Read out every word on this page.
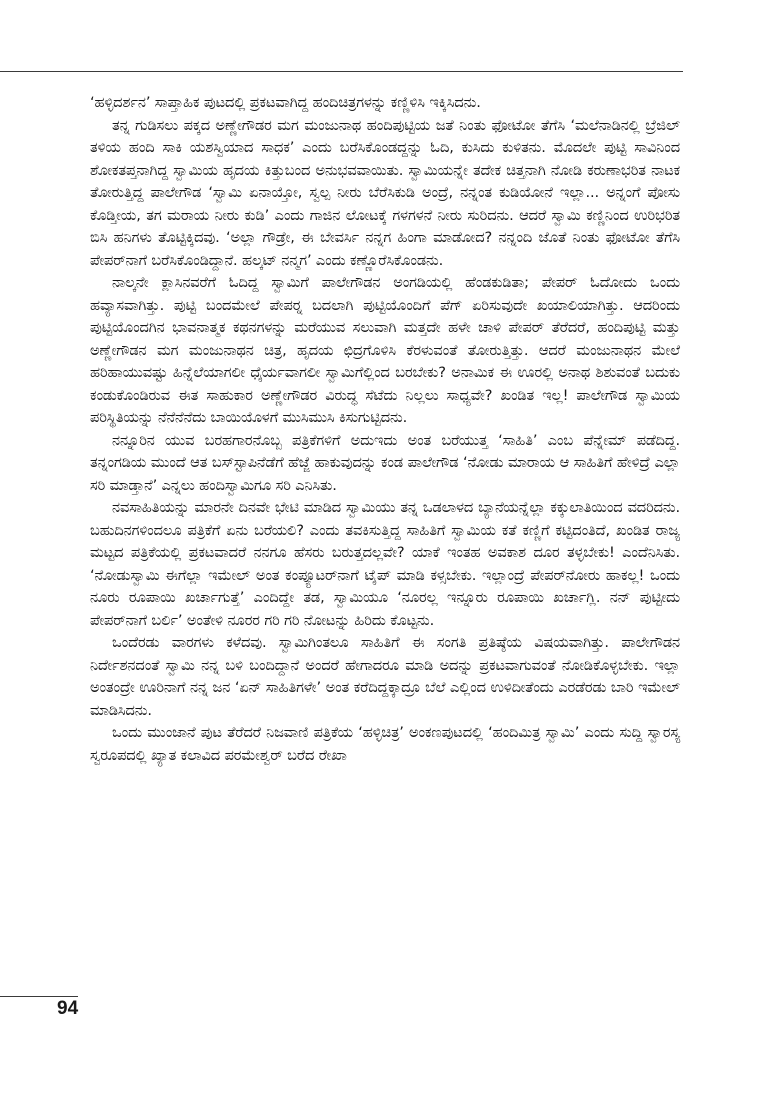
‘ಹಳ್ಳಿದರ್ಶನ’ ಸಾಪ್ತಾಹಿಕ ಪುಟದಲ್ಲಿ ಪ್ರಕಟವಾಗಿದ್ದ ಹಂದಿಚಿತ್ರಗಳನ್ನು ಕಣ್ಣಿಳಿಸಿ ಇಕ್ಕಿಸಿದನು.

ತನ್ನ ಗುಡಿಸಲು ಪಕ್ಕದ ಅಣ್ಣೇಗೌಡರ ಮಗ ಮಂಜುನಾಥ ಹಂದಿಪುಟ್ಟಿಯ ಜತೆ ನಿಂತು ಫೋಟೋ ತೆಗೆಸಿ ‘ಮಲೆನಾಡಿನಲ್ಲಿ ಬ್ರೆಜಿಲ್ ತಳಿಯ ಹಂದಿ ಸಾಕಿ ಯಶಸ್ವಿಯಾದ ಸಾಧಕ’ ಎಂದು ಬರೆಸಿಕೊಂಡದ್ದನ್ನು ಓದಿ, ಕುಸಿದು ಕುಳಿತನು. ಮೊದಲೇ ಪುಟ್ಟಿ ಸಾವಿನಿಂದ ಶೋಕತಪ್ತನಾಗಿದ್ದ ಸ್ವಾಮಿಯ ಹೃದಯ ಕಿತ್ತುಬಂದ ಅನುಭವವಾಯಿತು. ಸ್ವಾಮಿಯನ್ನೇ ತದೇಕ ಚಿತ್ತನಾಗಿ ನೋಡಿ ಕರುಣಾಭರಿತ ನಾಟಕ ತೋರುತ್ತಿದ್ದ ಪಾಲೇಗೌಡ ‘ಸ್ವಾಮಿ ಏನಾಯ್ತೋ, ಸ್ವಲ್ಪ ನೀರು ಬೆರೆಸಿಕುಡಿ ಅಂದ್ರೆ, ನನ್ನಂತ ಕುಡಿಯೋನೆ ಇಲ್ಲಾ... ಅನ್ನಂಗೆ ಪೋಸು ಕೊಡ್ತೀಯ, ತಗ ಮರಾಯ ನೀರು ಕುಡಿ’ ಎಂದು ಗಾಜಿನ ಲೋಟಕ್ಕೆ ಗಳಗಳನೆ ನೀರು ಸುರಿದನು. ಆದರೆ ಸ್ವಾಮಿ ಕಣ್ಣಿನಿಂದ ಉರಿಭರಿತ ಬಿಸಿ ಹನಿಗಳು ತೊಟ್ಟಿಕ್ಕಿದವು. ‘ಅಲ್ಲಾ ಗೌಡ್ರೇ, ಈ ಬೇವರ್ಸಿ ನನ್ನಗ ಹಿಂಗಾ ಮಾಡೋದ? ನನ್ನಂದಿ ಜೊತೆ ನಿಂತು ಫೋಟೋ ತೆಗೆಸಿ ಪೇಪರ್‌ನಾಗೆ ಬರೆಸಿಕೊಂಡಿದ್ದಾನೆ. ಹಲ್ಕಟ್ ನನ್ಮಗ’ ಎಂದು ಕಣ್ಣೊರೆಸಿಕೊಂಡನು.

ನಾಲ್ಕನೇ ಕ್ಲಾಸಿನವರೆಗೆ ಓದಿದ್ದ ಸ್ವಾಮಿಗೆ ಪಾಲೇಗೌಡನ ಅಂಗಡಿಯಲ್ಲಿ ಹೆಂಡಕುಡಿತಾ; ಪೇಪರ್ ಓದೋದು ಒಂದು ಹವ್ಯಾಸವಾಗಿತ್ತು. ಪುಟ್ಟಿ ಬಂದಮೇಲೆ ಪೇಪರ್‍ನ ಬದಲಾಗಿ ಪುಟ್ಟಿಯೊಂದಿಗೆ ಪೆಗ್ ಏರಿಸುವುದೇ ಖಯಾಲಿಯಾಗಿತ್ತು. ಆದರಿಂದು ಪುಟ್ಟಿಯೊಂದಗಿನ ಭಾವನಾತ್ಮಕ ಕಥನಗಳನ್ನು ಮರೆಯುವ ಸಲುವಾಗಿ ಮತ್ತದೇ ಹಳೇ ಚಾಳಿ ಪೇಪರ್ ತೆರೆದರೆ, ಹಂದಿಪುಟ್ಟಿ ಮತ್ತು ಅಣ್ಣೇಗೌಡನ ಮಗ ಮಂಜುನಾಥನ ಚಿತ್ರ, ಹೃದಯ ಛಿದ್ರಗೊಳಿಸಿ ಕೆರಳುವಂತೆ ತೋರುತ್ತಿತ್ತು. ಆದರೆ ಮಂಜುನಾಥನ ಮೇಲೆ ಹರಿಹಾಯುವಷ್ಟು ಹಿನ್ನೆಲೆಯಾಗಲೀ ಧೈರ್ಯವಾಗಲೀ ಸ್ವಾಮಿಗೆಲ್ಲಿಂದ ಬರಬೇಕು? ಅನಾಮಿಕ ಈ ಊರಲ್ಲಿ ಅನಾಥ ಶಿಶುವಂತೆ ಬದುಕು ಕಂಡುಕೊಂಡಿರುವ ಈತ ಸಾಹುಕಾರ ಅಣ್ಣೇಗೌಡರ ವಿರುದ್ಧ ಸೆಟೆದು ನಿಲ್ಲಲು ಸಾಧ್ಯವೇ? ಖಂಡಿತ ಇಲ್ಲ! ಪಾಲೇಗೌಡ ಸ್ವಾಮಿಯ ಪರಿಸ್ಥಿತಿಯನ್ನು ನೆನೆನೆನೆದು ಬಾಯಿಯೊಳಗೆ ಮುಸಿಮುಸಿ ಕಿಸುಗುಟ್ಟಿದನು.

ನನ್ನೂರಿನ ಯುವ ಬರಹಗಾರನೊಬ್ಬ ಪತ್ರಿಕೆಗಳಿಗೆ ಅದುಇದು ಅಂತ ಬರೆಯುತ್ತ ‘ಸಾಹಿತಿ’ ಎಂಬ ಪೆನ್ನೇಮ್ ಪಡೆದಿದ್ದ. ತನ್ನಂಗಡಿಯ ಮುಂದೆ ಆತ ಬಸ್‌ಸ್ಟಾಪಿನೆಡೆಗೆ ಹೆಜ್ಜೆ ಹಾಕುವುದನ್ನು ಕಂಡ ಪಾಲೇಗೌಡ ‘ನೋಡು ಮಾರಾಯ ಆ ಸಾಹಿತಿಗೆ ಹೇಳಿದ್ರೆ ಎಲ್ಲಾ ಸರಿ ಮಾಡ್ತಾನೆ’ ಎನ್ನಲು ಹಂದಿಸ್ವಾಮಿಗೂ ಸರಿ ಎನಿಸಿತು.

ನವಸಾಹಿತಿಯನ್ನು ಮಾರನೇ ದಿನವೇ ಭೇಟಿ ಮಾಡಿದ ಸ್ವಾಮಿಯು ತನ್ನ ಒಡಲಾಳದ ಬ್ಯಾನೆಯನ್ನೆಲ್ಲಾ ಕಕ್ಕುಲಾತಿಯಿಂದ ವದರಿದನು. ಬಹುದಿನಗಳಿಂದಲೂ ಪತ್ರಿಕೆಗೆ ಏನು ಬರೆಯಲಿ? ಎಂದು ತವಕಿಸುತ್ತಿದ್ದ ಸಾಹಿತಿಗೆ ಸ್ವಾಮಿಯ ಕತೆ ಕಣ್ಣಿಗೆ ಕಟ್ಟಿದಂತಿದೆ, ಖಂಡಿತ ರಾಜ್ಯ ಮಟ್ಟದ ಪತ್ರಿಕೆಯಲ್ಲಿ ಪ್ರಕಟವಾದರೆ ನನಗೂ ಹೆಸರು ಬರುತ್ತದಲ್ಲವೇ? ಯಾಕೆ ಇಂತಹ ಅವಕಾಶ ದೂರ ತಳ್ಳಬೇಕು! ಎಂದೆನಿಸಿತು. ‘ನೋಡುಸ್ವಾಮಿ ಈಗೆಲ್ಲಾ ಇಮೇಲ್ ಅಂತ ಕಂಪ್ಯೂಟರ್‌ನಾಗೆ ಟೈಪ್ ಮಾಡಿ ಕಳ್ಸಬೇಕು. ಇಲ್ಲಾಂದ್ರೆ ಪೇಪರ್‌ನೋರು ಹಾಕಲ್ಲ! ಒಂದು ನೂರು ರೂಪಾಯಿ ಖರ್ಚಾಗುತ್ತೆ’ ಎಂದಿದ್ದೇ ತಡ, ಸ್ವಾಮಿಯೂ ‘ನೂರಲ್ಲ ಇನ್ನೂರು ರೂಪಾಯಿ ಖರ್ಚಾಗ್ಲಿ. ನನ್ ಪುಟ್ಟೀದು ಪೇಪರ್‌ನಾಗೆ ಬರ್ಲಿ’ ಅಂತೇಳಿ ನೂರರ ಗರಿ ಗರಿ ನೋಟನ್ನು ಹಿರಿದು ಕೊಟ್ಟನು.

ಒಂದೆರಡು ವಾರಗಳು ಕಳೆದವು. ಸ್ವಾಮಿಗಿಂತಲೂ ಸಾಹಿತಿಗೆ ಈ ಸಂಗತಿ ಪ್ರತಿಷ್ಠೆಯ ವಿಷಯವಾಗಿತ್ತು. ಪಾಲೇಗೌಡನ ನಿರ್ದೇಶನದಂತೆ ಸ್ವಾಮಿ ನನ್ನ ಬಳಿ ಬಂದಿದ್ದಾನೆ ಅಂದರೆ ಹೇಗಾದರೂ ಮಾಡಿ ಅದನ್ನು ಪ್ರಕಟವಾಗುವಂತೆ ನೋಡಿಕೊಳ್ಳಬೇಕು. ಇಲ್ಲಾ ಅಂತಂದ್ರೇ ಊರಿನಾಗೆ ನನ್ನ ಜನ ‘ಏನ್ ಸಾಹಿತಿಗಳೇ’ ಅಂತ ಕರೆದಿದ್ದಕ್ಕಾದ್ರೂ ಬೆಲೆ ಎಲ್ಲಿಂದ ಉಳಿದೀತೆಂದು ಎರಡೆರಡು ಬಾರಿ ಇಮೇಲ್ ಮಾಡಿಸಿದನು.

ಒಂದು ಮುಂಜಾನೆ ಪುಟ ತೆರೆದರೆ ನಿಜವಾಣಿ ಪತ್ರಿಕೆಯ ‘ಹಳ್ಳಿಚಿತ್ರ’ ಅಂಕಣಪುಟದಲ್ಲಿ ‘ಹಂದಿಮಿತ್ರ ಸ್ವಾಮಿ’ ಎಂದು ಸುದ್ದಿ ಸ್ವಾರಸ್ಯ ಸ್ವರೂಪದಲ್ಲಿ ಖ್ಯಾತ ಕಲಾವಿದ ಪರಮೇಶ್ವರ್ ಬರೆದ ರೇಖಾ

94
